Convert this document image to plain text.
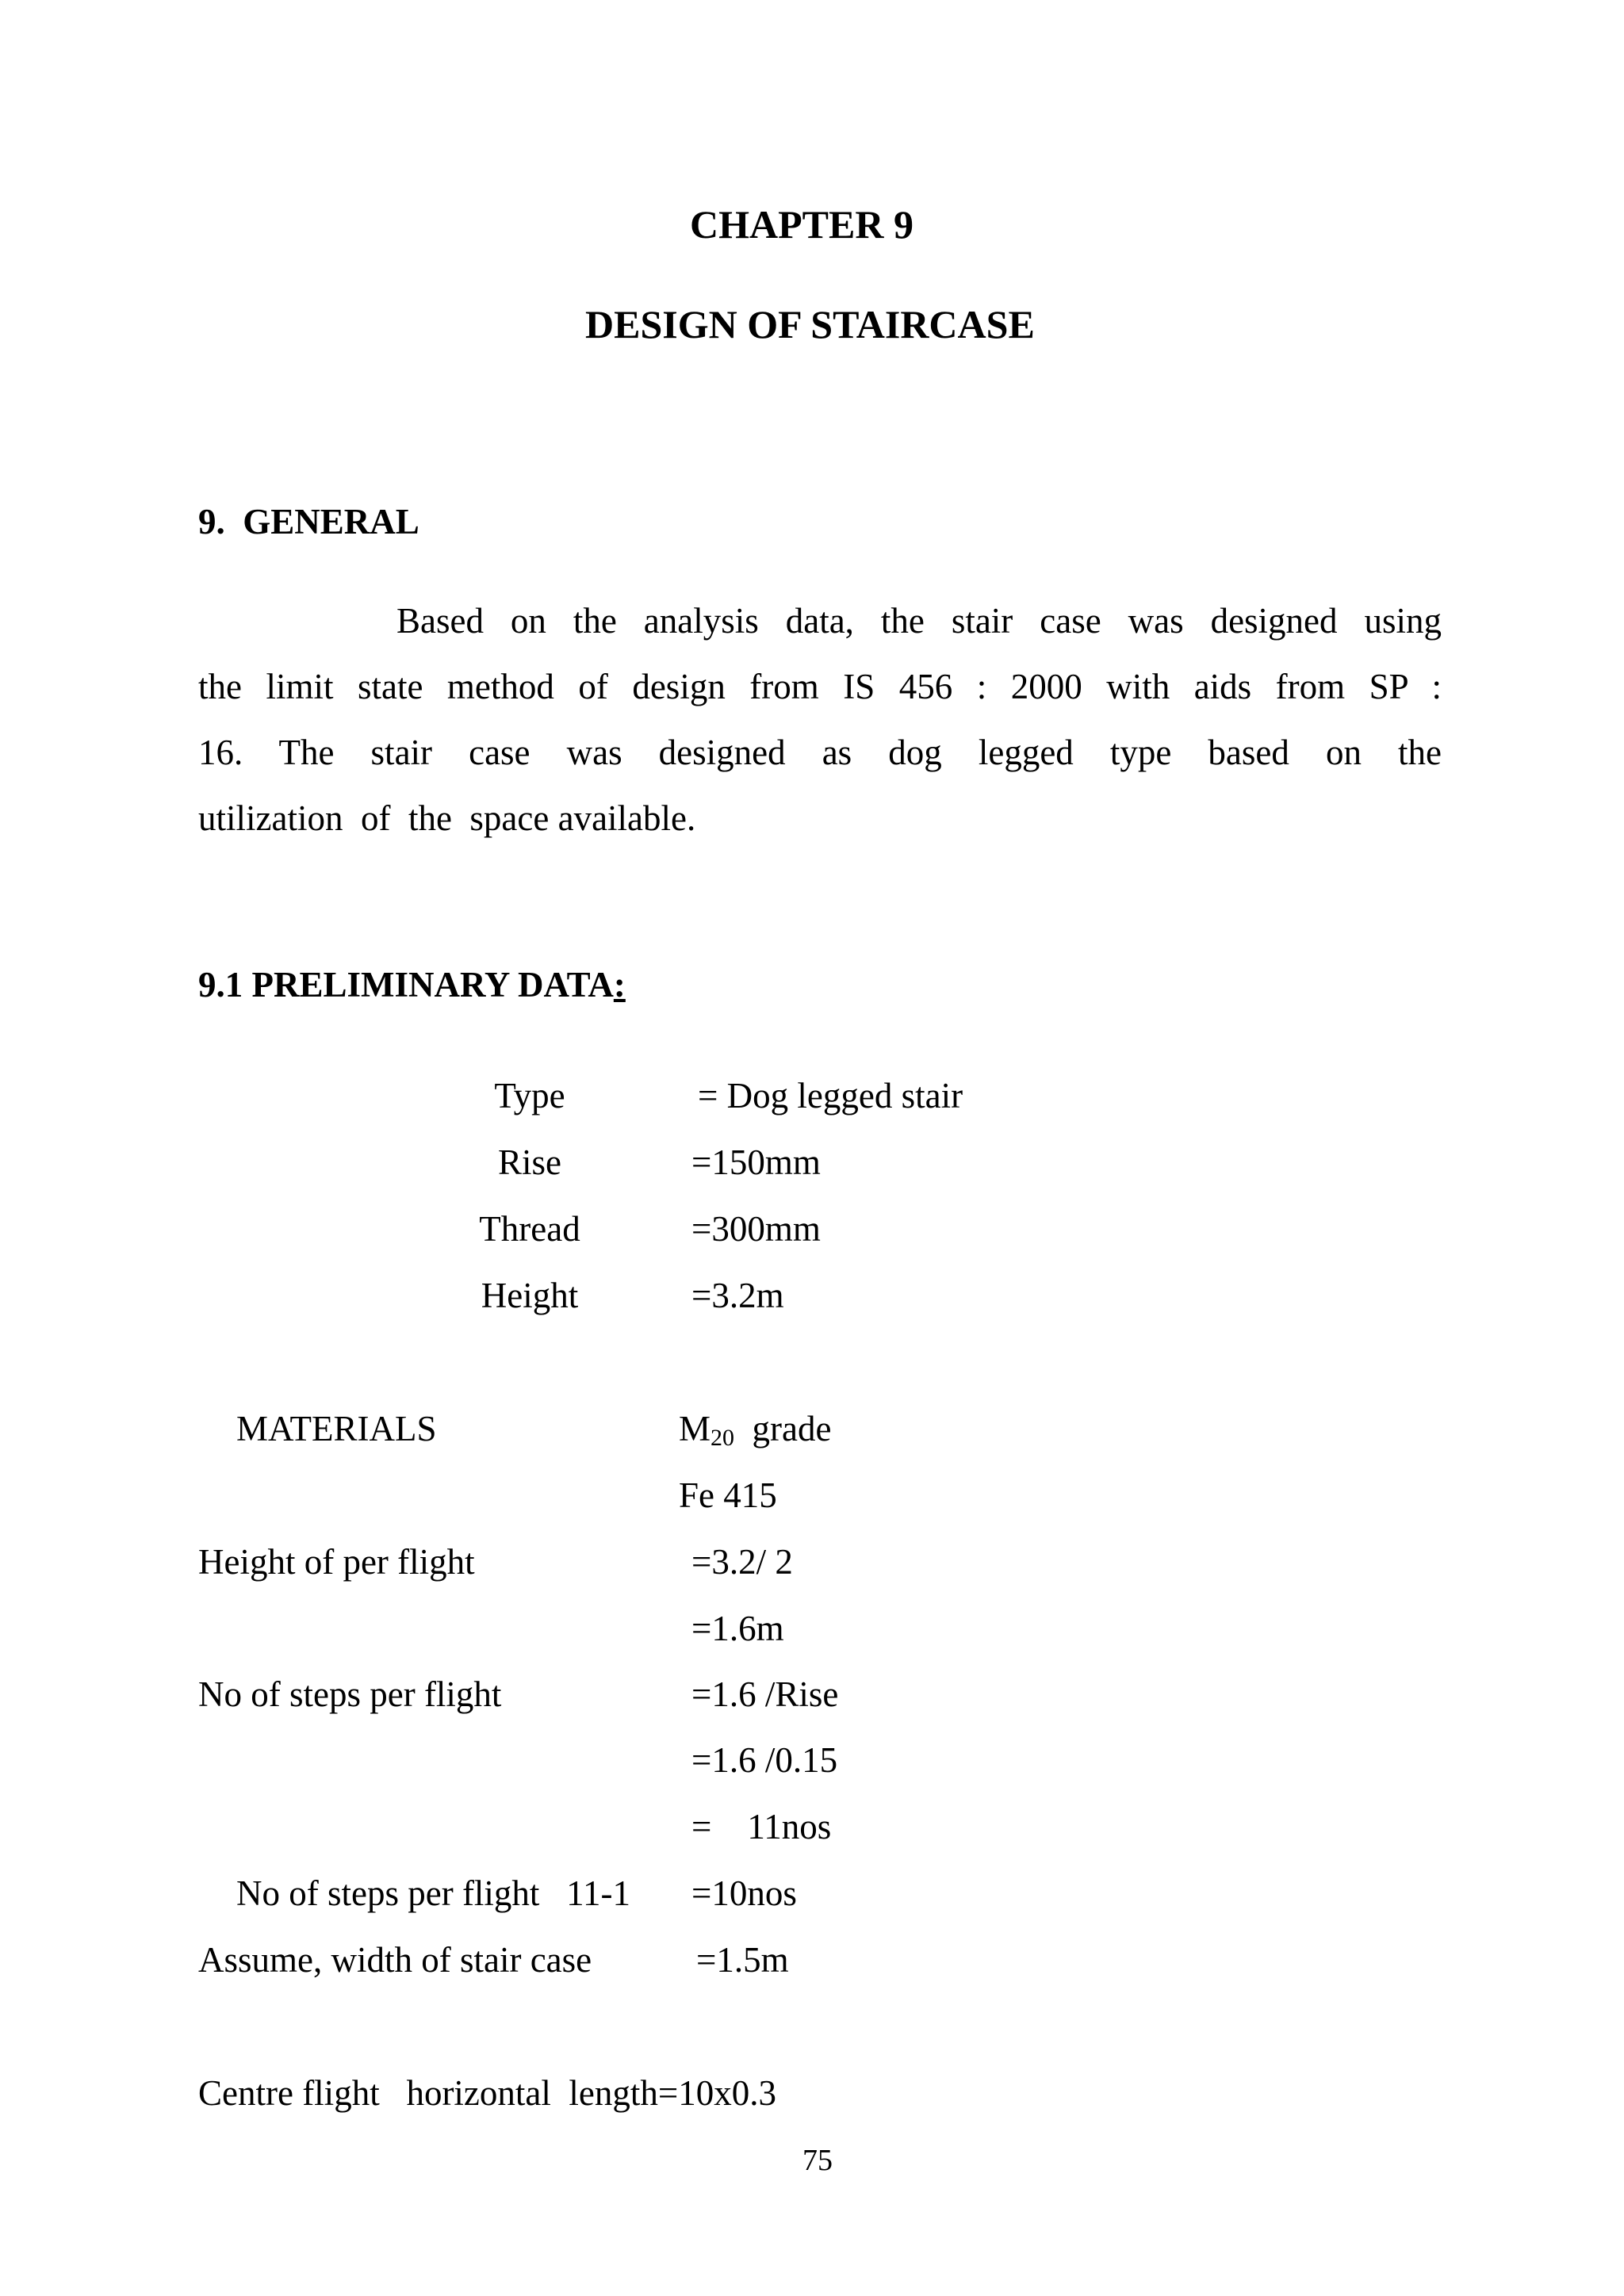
CHAPTER 9
DESIGN OF STAIRCASE
9.  GENERAL
Based on the analysis data, the stair case was designed using
the limit state method of design from IS 456 : 2000 with aids from SP :
16. The stair case was designed as dog legged type based on the
utilization  of  the  space available.
9.1 PRELIMINARY DATA:
Type	= Dog legged stair
Rise	=150mm
Thread	=300mm
Height	=3.2m
MATERIALS	$M_{20}$  grade
Fe 415
Height of per flight	=3.2/ 2
=1.6m
No of steps per flight	=1.6 /Rise
=1.6 /0.15
=    11nos
No of steps per flight   11-1 =10nos
Assume, width of stair case	=1.5m
Centre flight   horizontal  length=10x0.3
75
